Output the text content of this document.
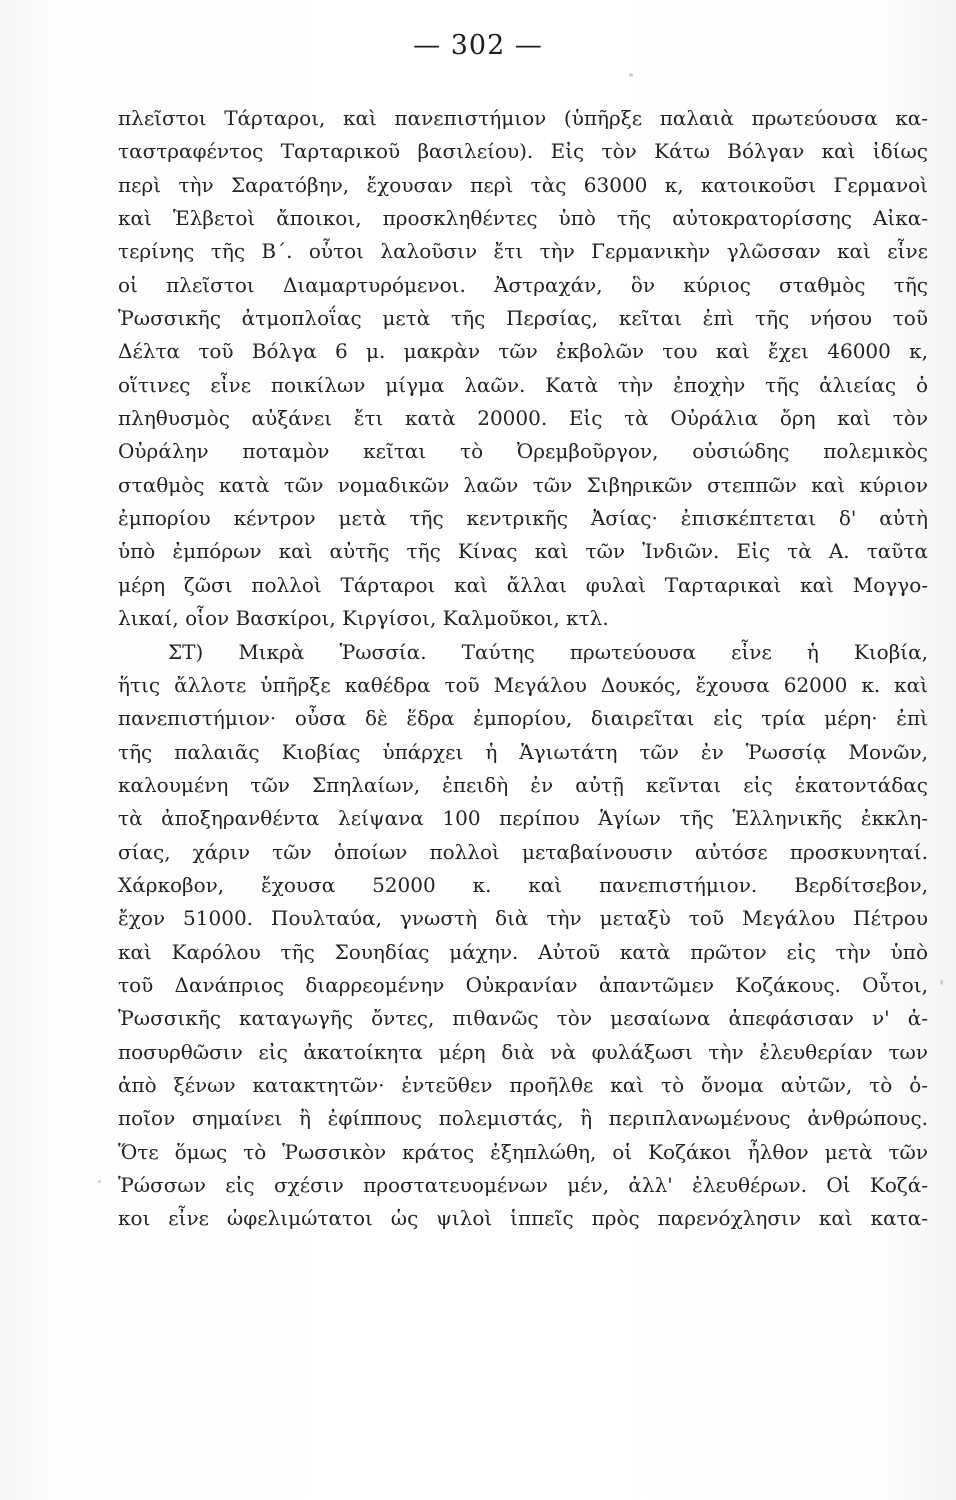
— 302 —
πλεῖστοι Τάρταροι, καὶ πανεπιστήμιον (ὑπῆρξε παλαιὰ πρωτεύουσα κα-
ταστραφέντος Ταρταρικοῦ βασιλείου). Εἰς τὸν Κάτω Βόλγαν καὶ ἰδίως
περὶ τὴν Σαρατόβην, ἔχουσαν περὶ τὰς 63000 κ, κατοικοῦσι Γερμανοὶ
καὶ Ἑλβετοὶ ἄποικοι, προσκληθέντες ὑπὸ τῆς αὐτοκρατορίσσης Αἰκα-
τερίνης τῆς Β΄. οὗτοι λαλοῦσιν ἔτι τὴν Γερμανικὴν γλῶσσαν καὶ εἶνε
οἱ πλεῖστοι Διαμαρτυρόμενοι. Ἀστραχάν, ὃν κύριος σταθμὸς τῆς
Ῥωσσικῆς ἀτμοπλοΐας μετὰ τῆς Περσίας, κεῖται ἐπὶ τῆς νήσου τοῦ
Δέλτα τοῦ Βόλγα 6 μ. μακρὰν τῶν ἐκβολῶν του καὶ ἔχει 46000 κ,
οἵτινες εἶνε ποικίλων μίγμα λαῶν. Κατὰ τὴν ἐποχὴν τῆς ἁλιείας ὁ
πληθυσμὸς αὐξάνει ἔτι κατὰ 20000. Εἰς τὰ Οὐράλια ὄρη καὶ τὸν
Οὐράλην ποταμὸν κεῖται τὸ Ὀρεμβοῦργον, οὐσιώδης πολεμικὸς
σταθμὸς κατὰ τῶν νομαδικῶν λαῶν τῶν Σιβηρικῶν στεππῶν καὶ κύριον
ἐμπορίου κέντρον μετὰ τῆς κεντρικῆς Ἀσίας· ἐπισκέπτεται δ' αὐτὴ
ὑπὸ ἐμπόρων καὶ αὐτῆς τῆς Κίνας καὶ τῶν Ἰνδιῶν. Εἰς τὰ Α. ταῦτα
μέρη ζῶσι πολλοὶ Τάρταροι καὶ ἄλλαι φυλαὶ Ταρταρικαὶ καὶ Μογγο-
λικαί, οἷον Βασκίροι, Κιργίσοι, Καλμοῦκοι, κτλ.
ΣΤ) Μικρὰ Ῥωσσία. Ταύτης πρωτεύουσα εἶνε ἡ Κιοβία,
ἥτις ἄλλοτε ὑπῆρξε καθέδρα τοῦ Μεγάλου Δουκός, ἔχουσα 62000 κ. καὶ
πανεπιστήμιον· οὖσα δὲ ἕδρα ἐμπορίου, διαιρεῖται εἰς τρία μέρη· ἐπὶ
τῆς παλαιᾶς Κιοβίας ὑπάρχει ἡ Ἁγιωτάτη τῶν ἐν Ῥωσσίᾳ Μονῶν,
καλουμένη τῶν Σπηλαίων, ἐπειδὴ ἐν αὐτῇ κεῖνται εἰς ἑκατοντάδας
τὰ ἀποξηρανθέντα λείψανα 100 περίπου Ἁγίων τῆς Ἑλληνικῆς ἐκκλη-
σίας, χάριν τῶν ὁποίων πολλοὶ μεταβαίνουσιν αὐτόσε προσκυνηταί.
Χάρκοβον, ἔχουσα 52000 κ. καὶ πανεπιστήμιον. Βερδίτσεβον,
ἔχον 51000. Πουλταύα, γνωστὴ διὰ τὴν μεταξὺ τοῦ Μεγάλου Πέτρου
καὶ Καρόλου τῆς Σουηδίας μάχην. Αὐτοῦ κατὰ πρῶτον εἰς τὴν ὑπὸ
τοῦ Δανάπριος διαρρεομένην Οὐκρανίαν ἀπαντῶμεν Κοζάκους. Οὗτοι,
Ῥωσσικῆς καταγωγῆς ὄντες, πιθανῶς τὸν μεσαίωνα ἀπεφάσισαν ν' ἀ-
ποσυρθῶσιν εἰς ἀκατοίκητα μέρη διὰ νὰ φυλάξωσι τὴν ἐλευθερίαν των
ἀπὸ ξένων κατακτητῶν· ἐντεῦθεν προῆλθε καὶ τὸ ὄνομα αὐτῶν, τὸ ὁ-
ποῖον σημαίνει ἢ ἐφίππους πολεμιστάς, ἢ περιπλανωμένους ἀνθρώπους.
Ὅτε ὅμως τὸ Ῥωσσικὸν κράτος ἐξηπλώθη, οἱ Κοζάκοι ἦλθον μετὰ τῶν
Ῥώσσων εἰς σχέσιν προστατευομένων μέν, ἀλλ' ἐλευθέρων. Οἱ Κοζά-
κοι εἶνε ὠφελιμώτατοι ὡς ψιλοὶ ἱππεῖς πρὸς παρενόχλησιν καὶ κατα-
